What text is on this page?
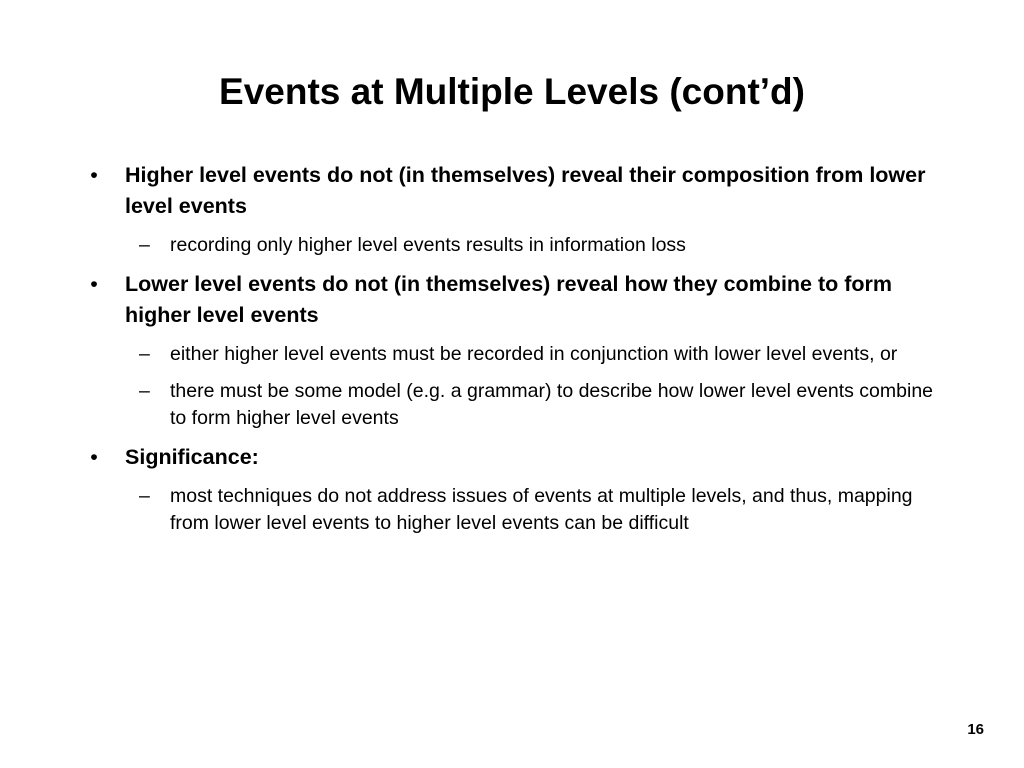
Events at Multiple Levels (cont’d)
• Higher level events do not (in themselves) reveal their composition from lower level events
–	recording only higher level events results in information loss
• Lower level events do not (in themselves) reveal how they combine to form higher level events
–	either higher level events must be recorded in conjunction with lower level events, or
–	there must be some model (e.g. a grammar) to describe how lower level events combine to form higher level events
• Significance:
–	most techniques do not address issues of events at multiple levels, and thus, mapping from lower level events to higher level events can be difficult
16
